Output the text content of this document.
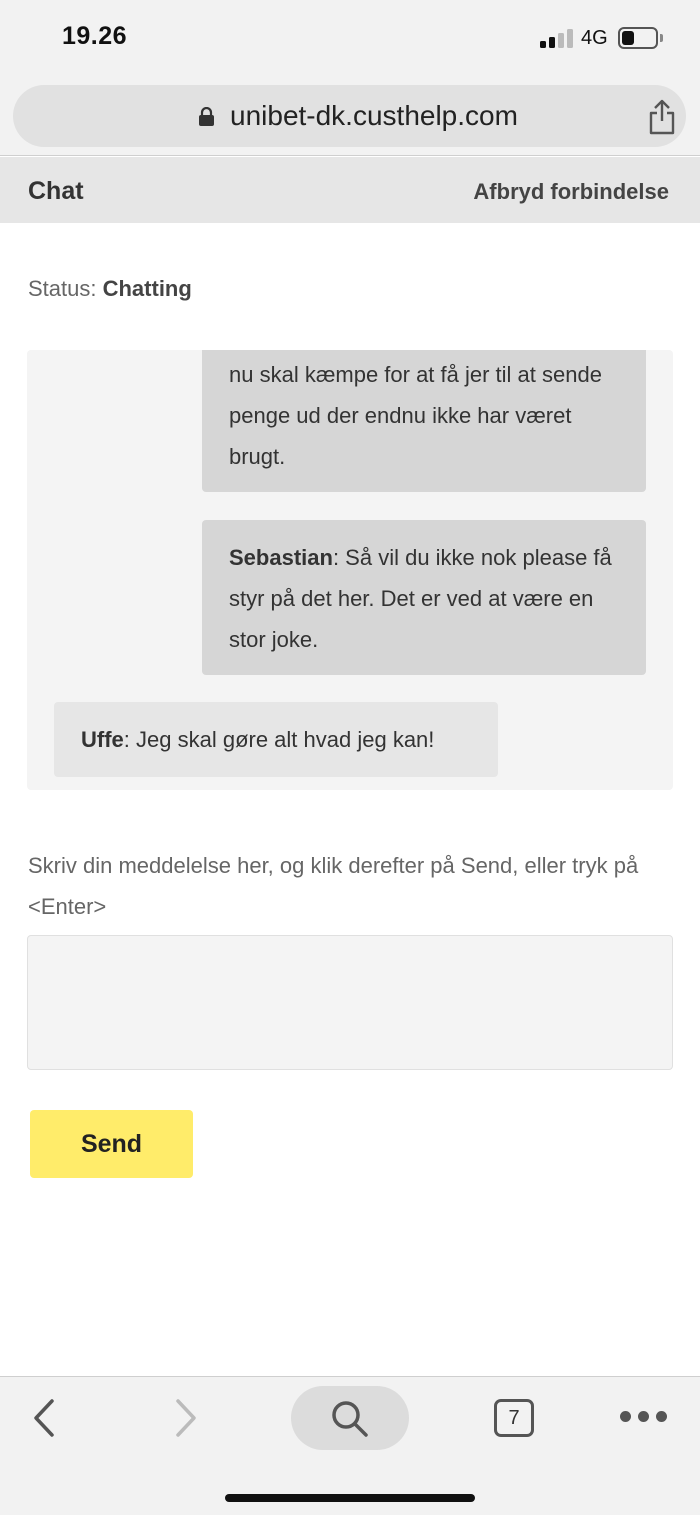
19.26	4G
unibet-dk.custhelp.com
Chat	Afbryd forbindelse
Status: Chatting
nu skal kæmpe for at få jer til at sende penge ud der endnu ikke har været brugt.
Sebastian: Så vil du ikke nok please få styr på det her. Det er ved at være en stor joke.
Uffe: Jeg skal gøre alt hvad jeg kan!
Skriv din meddelelse her, og klik derefter på Send, eller tryk på <Enter>
Send
7
